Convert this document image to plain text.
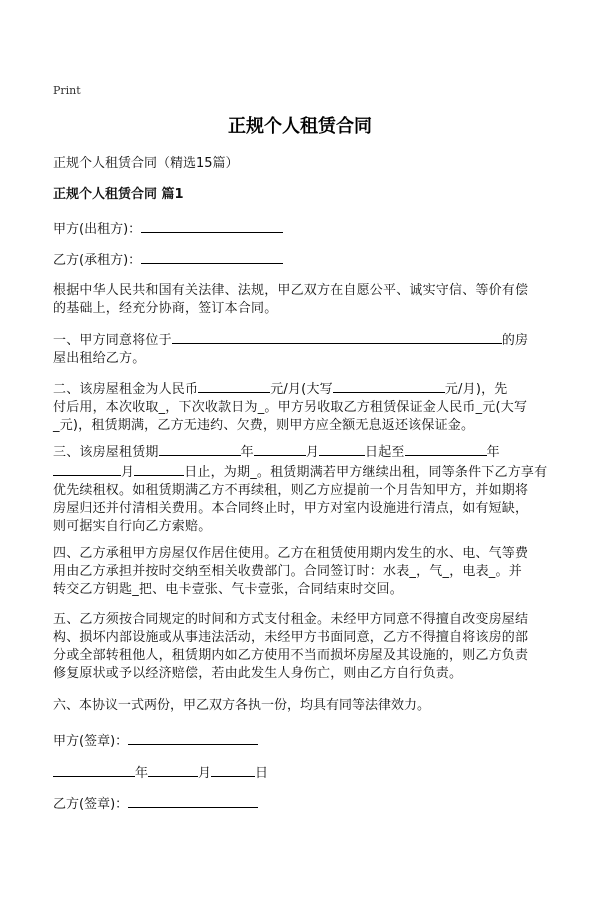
Print
正规个人租赁合同
正规个人租赁合同（精选15篇）
正规个人租赁合同 篇1
甲方(出租方)：
乙方(承租方)：

根据中华人民共和国有关法律、法规，甲乙双方在自愿公平、诚实守信、等价有偿

的基础上，经充分协商，签订本合同。

一、甲方同意将位于	的房

屋出租给乙方。

二、该房屋租金为人民币	元/月(大写	元/月)，先

付后用，本次收取_，下次收款日为_。甲方另收取乙方租赁保证金人民币_元(大写

_元)，租赁期满，乙方无违约、欠费，则甲方应全额无息返还该保证金。

三、该房屋租赁期	年	月	日起至	年

月	日止，为期_。租赁期满若甲方继续出租，同等条件下乙方享有

优先续租权。如租赁期满乙方不再续租，则乙方应提前一个月告知甲方，并如期将

房屋归还并付清相关费用。本合同终止时，甲方对室内设施进行清点，如有短缺，

则可据实自行向乙方索赔。

四、乙方承租甲方房屋仅作居住使用。乙方在租赁使用期内发生的水、电、气等费

用由乙方承担并按时交纳至相关收费部门。合同签订时：水表_，气_，电表_。并

转交乙方钥匙_把、电卡壹张、气卡壹张，合同结束时交回。

五、乙方须按合同规定的时间和方式支付租金。未经甲方同意不得擅自改变房屋结

构、损坏内部设施或从事违法活动，未经甲方书面同意，乙方不得擅自将该房的部

分或全部转租他人，租赁期内如乙方使用不当而损坏房屋及其设施的，则乙方负责

修复原状或予以经济赔偿，若由此发生人身伤亡，则由乙方自行负责。

六、本协议一式两份，甲乙双方各执一份，均具有同等法律效力。
甲方(签章)：
年	月	日
乙方(签章)：
